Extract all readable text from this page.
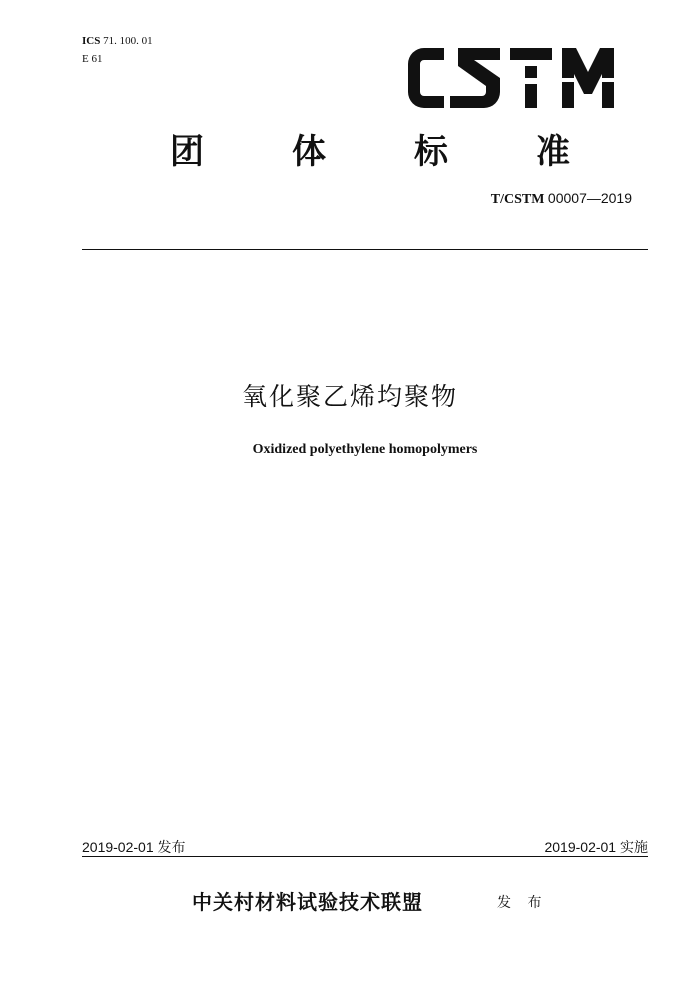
ICS 71. 100. 01
E 61
团	体	标	准
T/CSTM 00007—2019
氧化聚乙烯均聚物
Oxidized polyethylene homopolymers
2019-02-01 发布	2019-02-01 实施
中关村材料试验技术联盟	发 布
